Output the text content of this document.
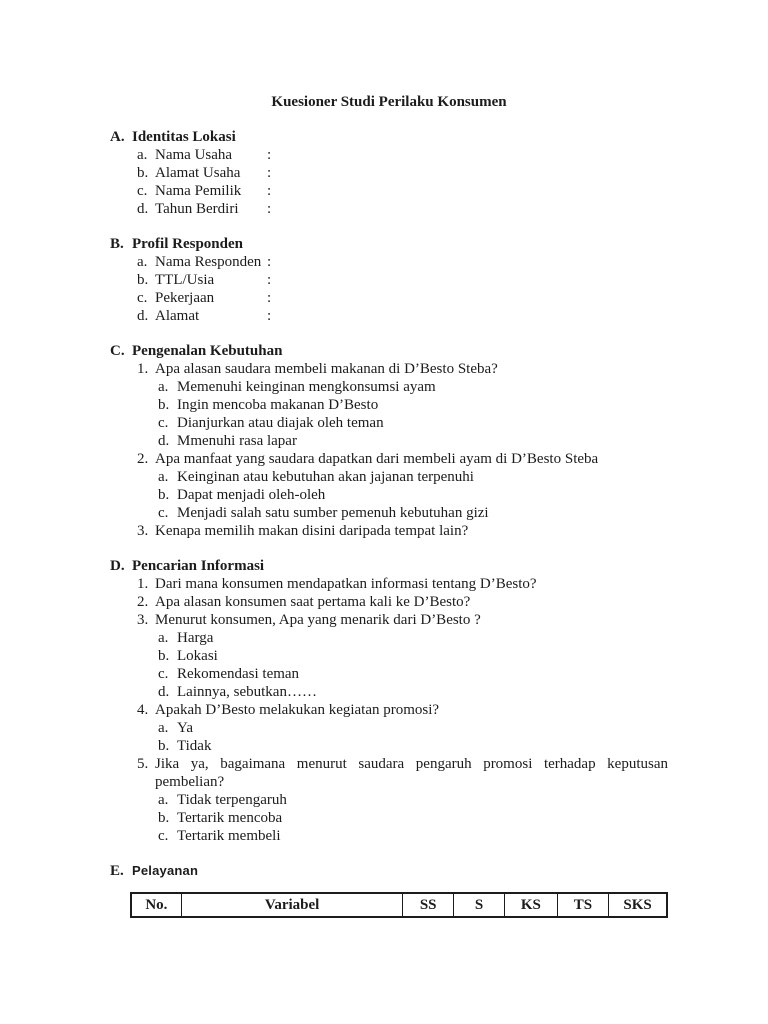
Kuesioner Studi Perilaku Konsumen
A. Identitas Lokasi
a. Nama Usaha	:
b. Alamat Usaha	:
c. Nama Pemilik	:
d. Tahun Berdiri	:
B. Profil Responden
a. Nama Responden :
b. TTL/Usia	:
c. Pekerjaan	:
d. Alamat	:
C. Pengenalan Kebutuhan
1. Apa alasan saudara membeli makanan di D’Besto Steba?
a. Memenuhi keinginan mengkonsumsi ayam
b. Ingin mencoba makanan D’Besto
c. Dianjurkan atau diajak oleh teman
d. Mmenuhi rasa lapar
2. Apa manfaat yang saudara dapatkan dari membeli ayam di D’Besto Steba
a. Keinginan atau kebutuhan akan jajanan terpenuhi
b. Dapat menjadi oleh-oleh
c. Menjadi salah satu sumber pemenuh kebutuhan gizi
3. Kenapa memilih makan disini daripada tempat lain?
D. Pencarian Informasi
1. Dari mana konsumen mendapatkan informasi tentang D’Besto?
2. Apa alasan konsumen saat pertama kali ke D’Besto?
3. Menurut konsumen, Apa yang menarik dari D’Besto ?
a. Harga
b. Lokasi
c. Rekomendasi teman
d. Lainnya, sebutkan……
4. Apakah D’Besto melakukan kegiatan promosi?
a. Ya
b. Tidak
5. Jika ya, bagaimana menurut saudara pengaruh promosi terhadap keputusan pembelian?
a. Tidak terpengaruh
b. Tertarik mencoba
c. Tertarik membeli
E. Pelayanan
No.	Variabel	SS	S	KS	TS	SKS
